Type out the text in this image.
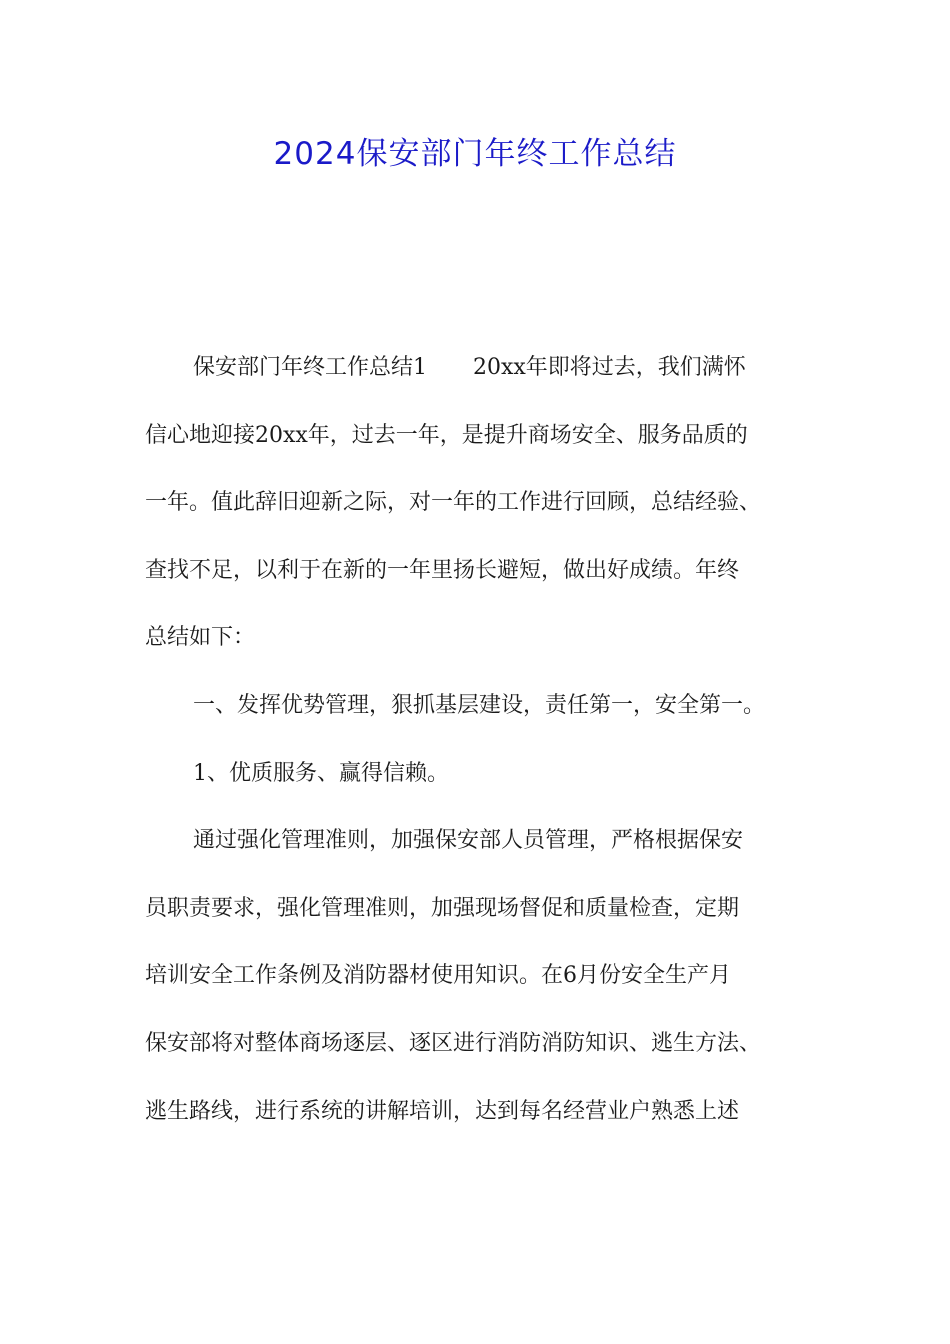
2024保安部门年终工作总结
保安部门年终工作总结1 20xx年即将过去，我们满怀
信心地迎接20xx年，过去一年，是提升商场安全、服务品质的
一年。值此辞旧迎新之际，对一年的工作进行回顾，总结经验、
查找不足，以利于在新的一年里扬长避短，做出好成绩。年终
总结如下：
一、发挥优势管理，狠抓基层建设，责任第一，安全第一。
1、优质服务、赢得信赖。
通过强化管理准则，加强保安部人员管理，严格根据保安
员职责要求，强化管理准则，加强现场督促和质量检查，定期
培训安全工作条例及消防器材使用知识。在6月份安全生产月
保安部将对整体商场逐层、逐区进行消防消防知识、逃生方法、
逃生路线，进行系统的讲解培训，达到每名经营业户熟悉上述
